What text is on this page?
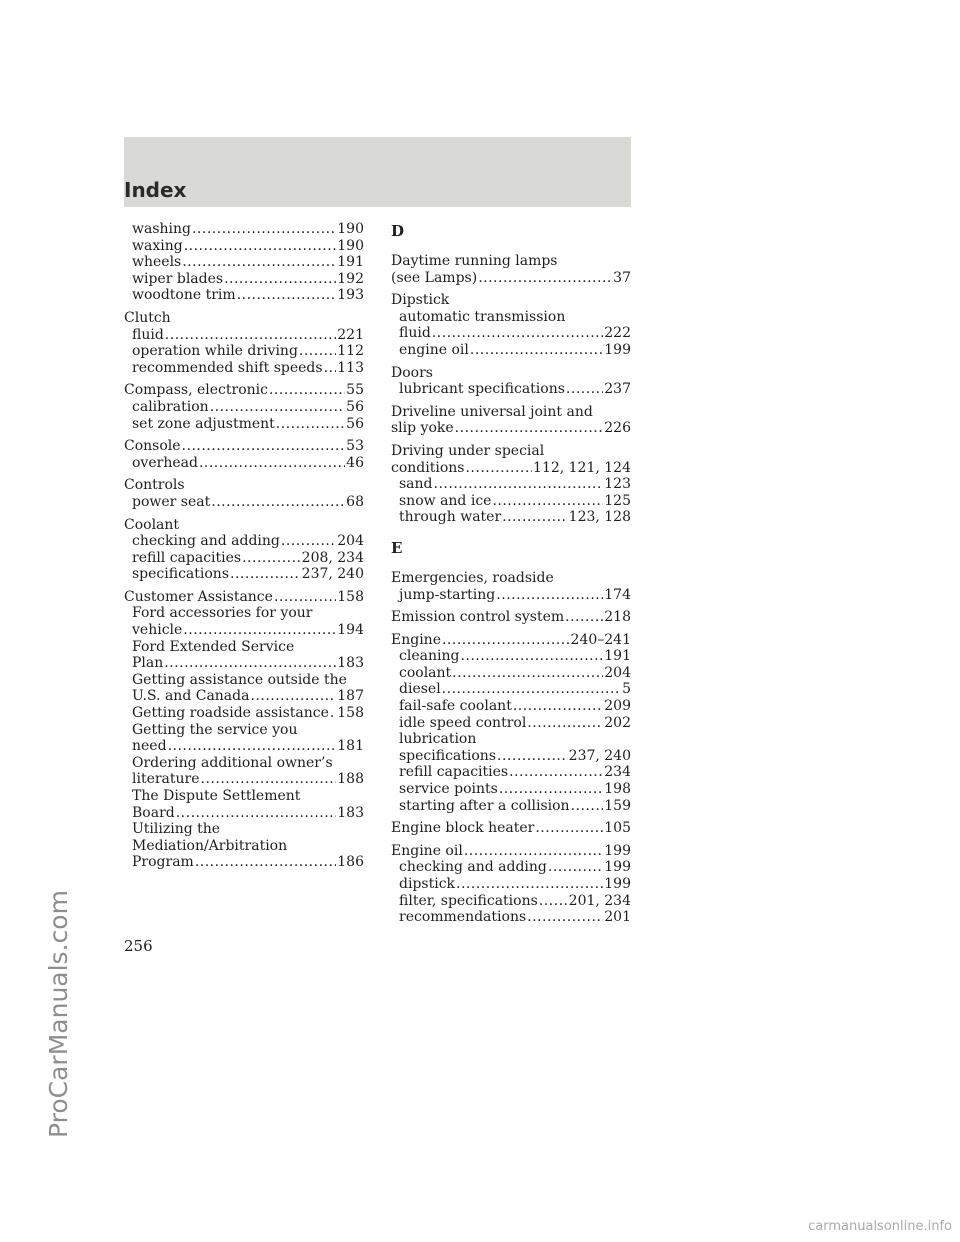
Index
washing .....	190
waxing .....	190
wheels .....	191
wiper blades .....	192
woodtone trim .....	193
Clutch
fluid .....	221
operation while driving .....	112
recommended shift speeds ..... 113
Compass, electronic .....	55
calibration .....	56
set zone adjustment .....	56
Console .....	53
overhead .....	46
Controls
power seat .....	68
Coolant
checking and adding .....	204
refill capacities .....	208, 234
specifications .....	237, 240
Customer Assistance .....	158
Ford accessories for your
vehicle .....	194
Ford Extended Service
Plan .....	183
Getting assistance outside the
U.S. and Canada .....	187
Getting roadside assistance ..... 158
Getting the service you
need .....	181
Ordering additional owner’s
literature .....	188
The Dispute Settlement
Board .....	183
Utilizing the
Mediation/Arbitration
Program .....	186
D
Daytime running lamps
(see Lamps) .....	37
Dipstick
automatic transmission
fluid .....	222
engine oil .....	199
Doors
lubricant specifications .....	237
Driveline universal joint and
slip yoke .....	226
Driving under special
conditions .....	112, 121, 124
sand .....	123
snow and ice .....	125
through water .....	123, 128
E
Emergencies, roadside
jump-starting .....	174
Emission control system .....	218
Engine .....	240–241
cleaning .....	191
coolant .....	204
diesel .....	5
fail-safe coolant .....	209
idle speed control .....	202
lubrication
specifications .....	237, 240
refill capacities .....	234
service points .....	198
starting after a collision ..... 159
Engine block heater .....	105
Engine oil .....	199
checking and adding .....	199
dipstick .....	199
filter, specifications ..... 201, 234
recommendations .....	201
256
ProCarManuals.com
carmanualsonline.info
